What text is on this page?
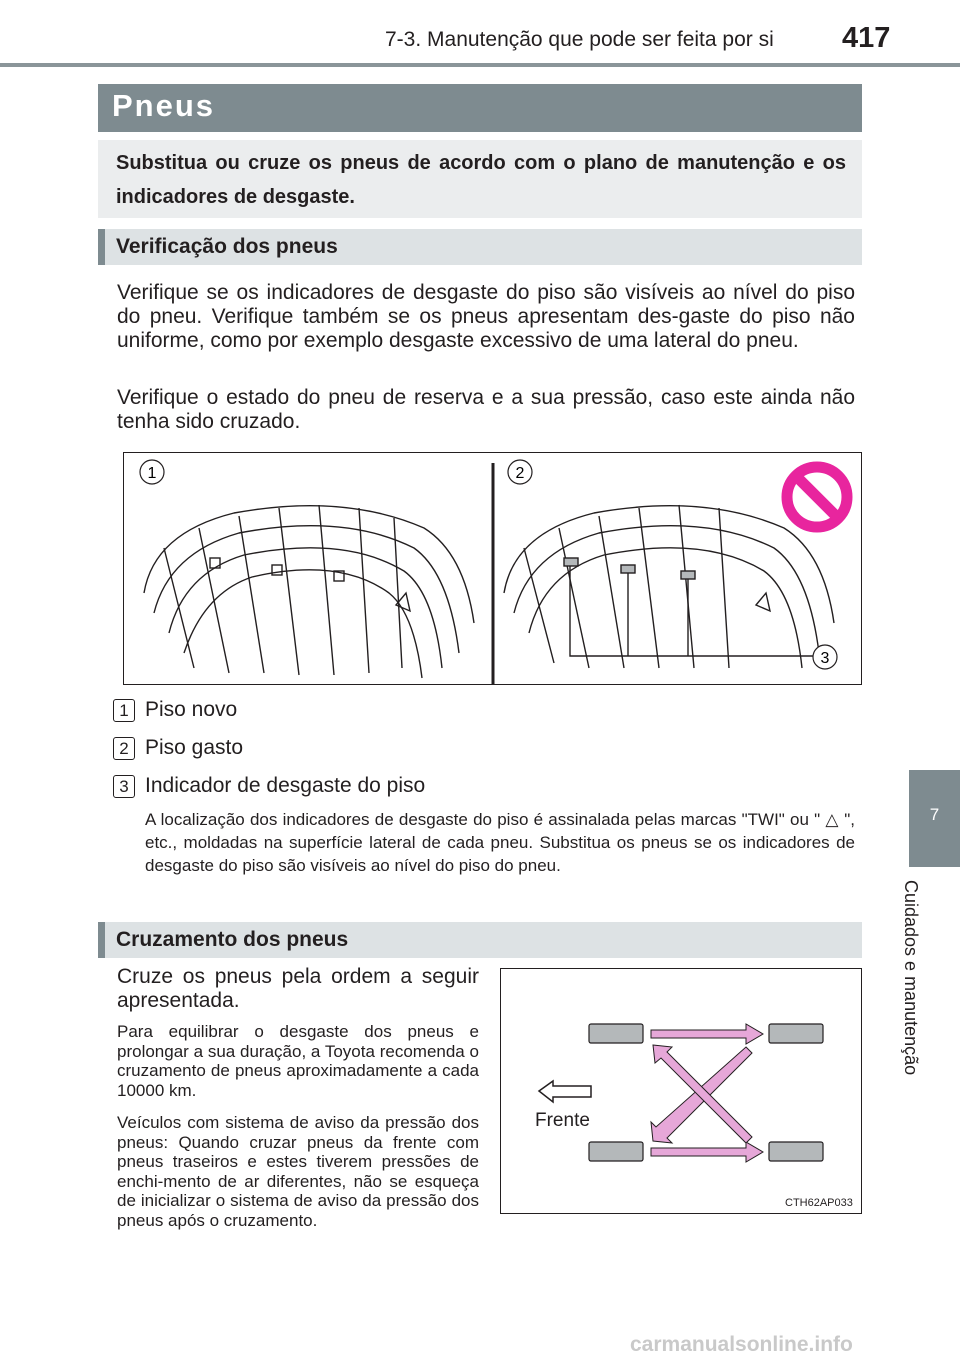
7-3. Manutenção que pode ser feita por si 417
7
Cuidados e manutenção
Pneus
Substitua ou cruze os pneus de acordo com o plano de manutenção e os indicadores de desgaste.
Verificação dos pneus
Verifique se os indicadores de desgaste do piso são visíveis ao nível do piso do pneu. Verifique também se os pneus apresentam des-gaste do piso não uniforme, como por exemplo desgaste excessivo de uma lateral do pneu.
Verifique o estado do pneu de reserva e a sua pressão, caso este ainda não tenha sido cruzado.
1	2
3
1 Piso novo
2 Piso gasto
3 Indicador de desgaste do piso
A localização dos indicadores de desgaste do piso é assinalada pelas marcas "TWI" ou " △ ", etc., moldadas na superfície lateral de cada pneu. Substitua os pneus se os indicadores de desgaste do piso são visíveis ao nível do piso do pneu.
Cruzamento dos pneus
Cruze os pneus pela ordem a seguir apresentada.
Para equilibrar o desgaste dos pneus e prolongar a sua duração, a Toyota recomenda o cruzamento de pneus aproximadamente a cada 10000 km.
Veículos com sistema de aviso da pressão dos pneus: Quando cruzar pneus da frente com pneus traseiros e estes tiverem pressões de enchi-mento de ar diferentes, não se esqueça de inicializar o sistema de aviso da pressão dos pneus após o cruzamento.
Frente
CTH62AP033
carmanualsonline.info
